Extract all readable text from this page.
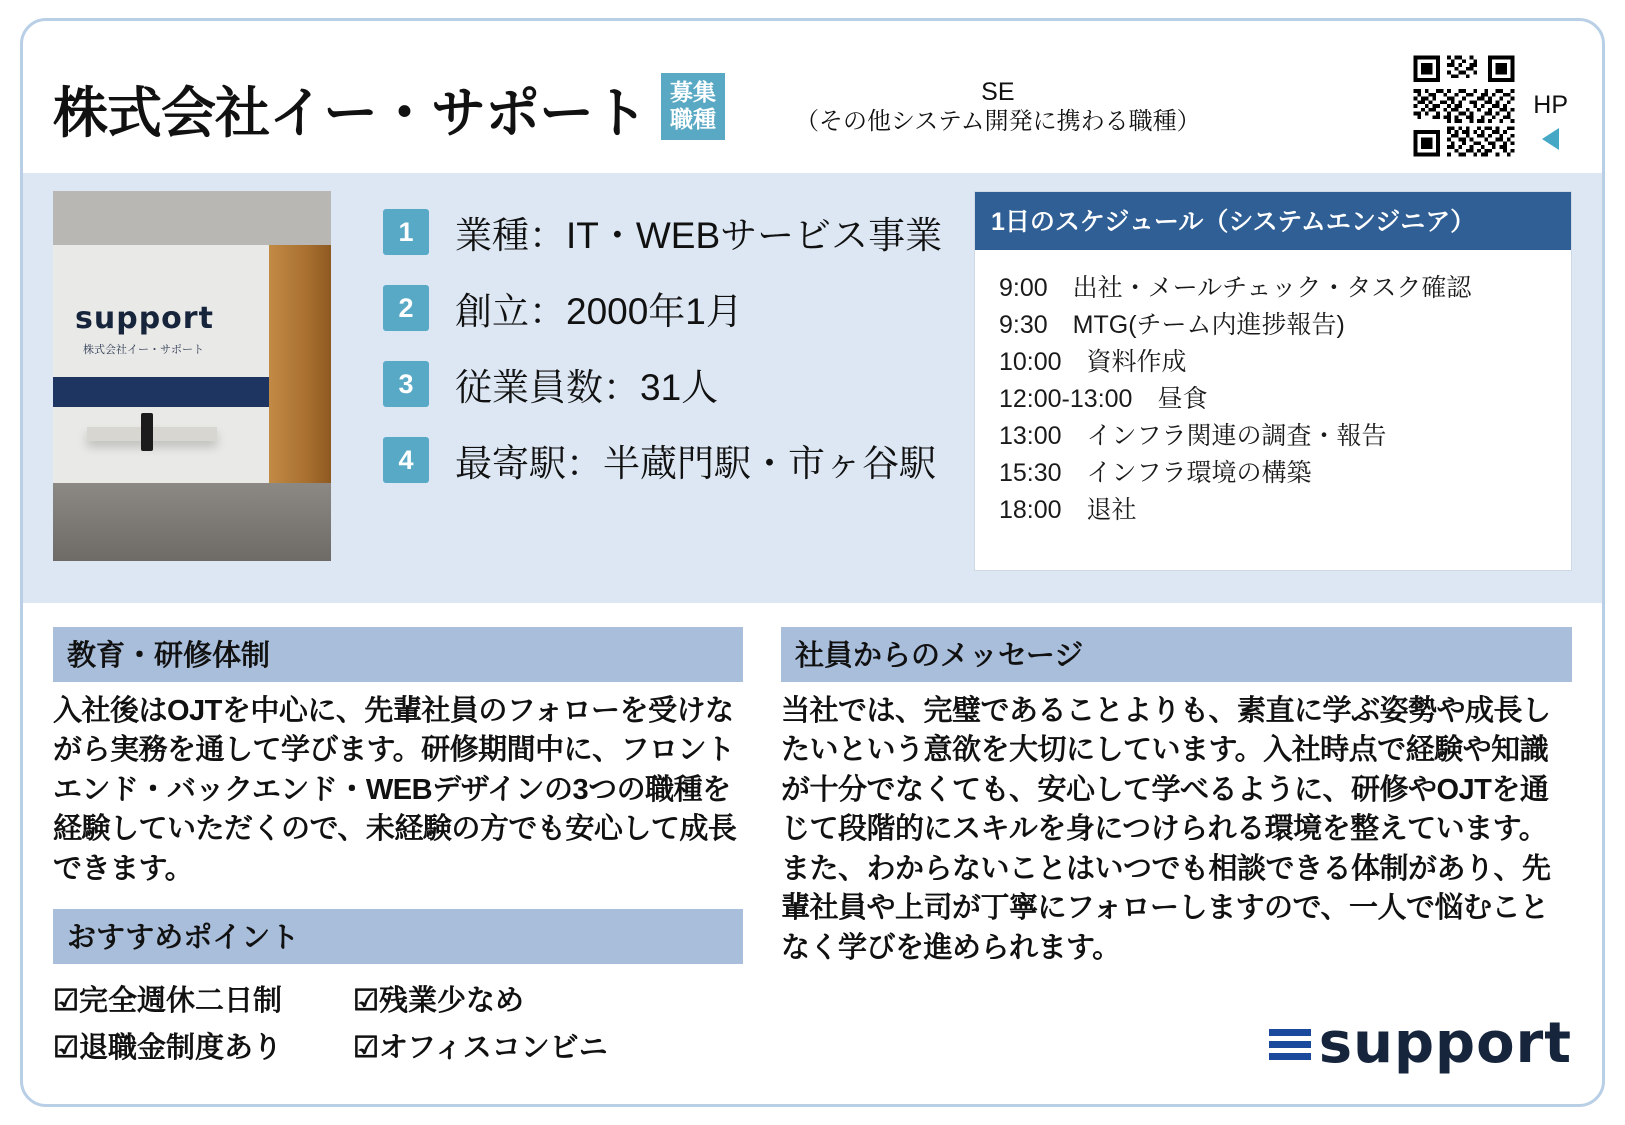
株式会社イー・サポート 募集
職種
SE
（その他システム開発に携わる職種）
HP
support
株式会社イー・サポート
1	業種：IT・WEBサービス事業
2	創立：2000年1月
3	従業員数：31人
4	最寄駅：半蔵門駅・市ヶ谷駅
1日のスケジュール（システムエンジニア）
9:00　出社・メールチェック・タスク確認
9:30　MTG(チーム内進捗報告)
10:00　資料作成
12:00-13:00　昼食
13:00　インフラ関連の調査・報告
15:30　インフラ環境の構築
18:00　退社
教育・研修体制
入社後はOJTを中心に、先輩社員のフォローを受けながら実務を通して学びます。研修期間中に、フロントエンド・バックエンド・WEBデザインの3つの職種を経験していただくので、未経験の方でも安心して成長できます。
おすすめポイント
☑完全週休二日制	☑残業少なめ
☑退職金制度あり	☑オフィスコンビニ
社員からのメッセージ
当社では、完璧であることよりも、素直に学ぶ姿勢や成長したいという意欲を大切にしています。入社時点で経験や知識が十分でなくても、安心して学べるように、研修やOJTを通じて段階的にスキルを身につけられる環境を整えています。また、わからないことはいつでも相談できる体制があり、先輩社員や上司が丁寧にフォローしますので、一人で悩むことなく学びを進められます。
support
